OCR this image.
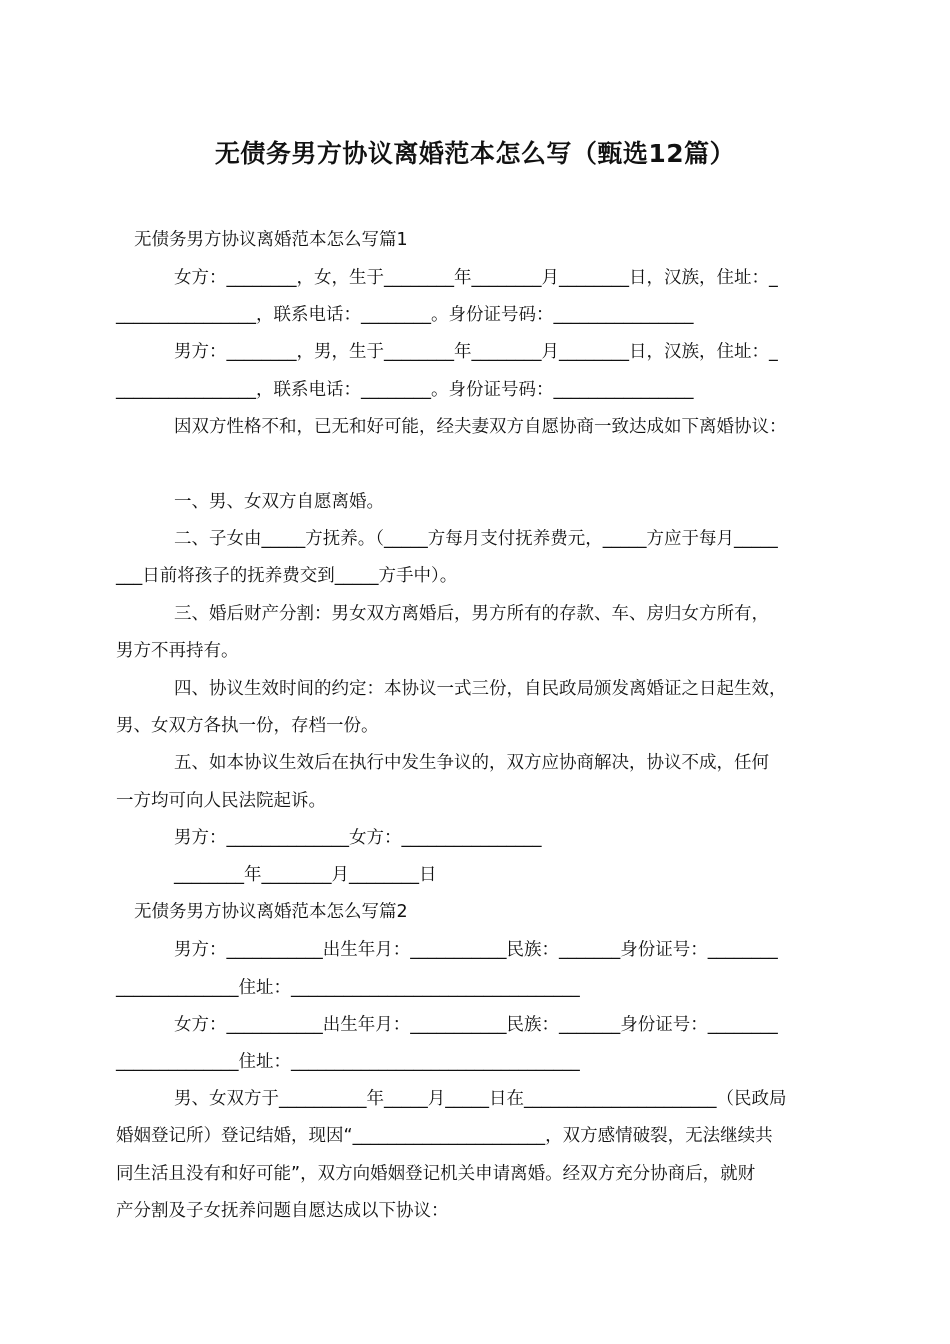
无债务男方协议离婚范本怎么写（甄选12篇）
无债务男方协议离婚范本怎么写篇1
女方：________，女，生于________年________月________日，汉族，住址：_
________________，联系电话：________。身份证号码：________________
男方：________，男，生于________年________月________日，汉族，住址：_
________________，联系电话：________。身份证号码：________________
因双方性格不和，已无和好可能，经夫妻双方自愿协商一致达成如下离婚协议：
一、男、女双方自愿离婚。
二、子女由_____方抚养。（_____方每月支付抚养费元，_____方应于每月_____
___日前将孩子的抚养费交到_____方手中）。
三、婚后财产分割：男女双方离婚后，男方所有的存款、车、房归女方所有，
男方不再持有。
四、协议生效时间的约定：本协议一式三份，自民政局颁发离婚证之日起生效，
男、女双方各执一份，存档一份。
五、如本协议生效后在执行中发生争议的，双方应协商解决，协议不成，任何
一方均可向人民法院起诉。
男方：______________女方：________________
________年________月________日
无债务男方协议离婚范本怎么写篇2
男方：___________出生年月：___________民族：_______身份证号：________
______________住址：_________________________________
女方：___________出生年月：___________民族：_______身份证号：________
______________住址：_________________________________
男、女双方于__________年_____月_____日在______________________（民政局
婚姻登记所）登记结婚，现因“______________________，双方感情破裂，无法继续共
同生活且没有和好可能”，双方向婚姻登记机关申请离婚。经双方充分协商后，就财
产分割及子女抚养问题自愿达成以下协议：
